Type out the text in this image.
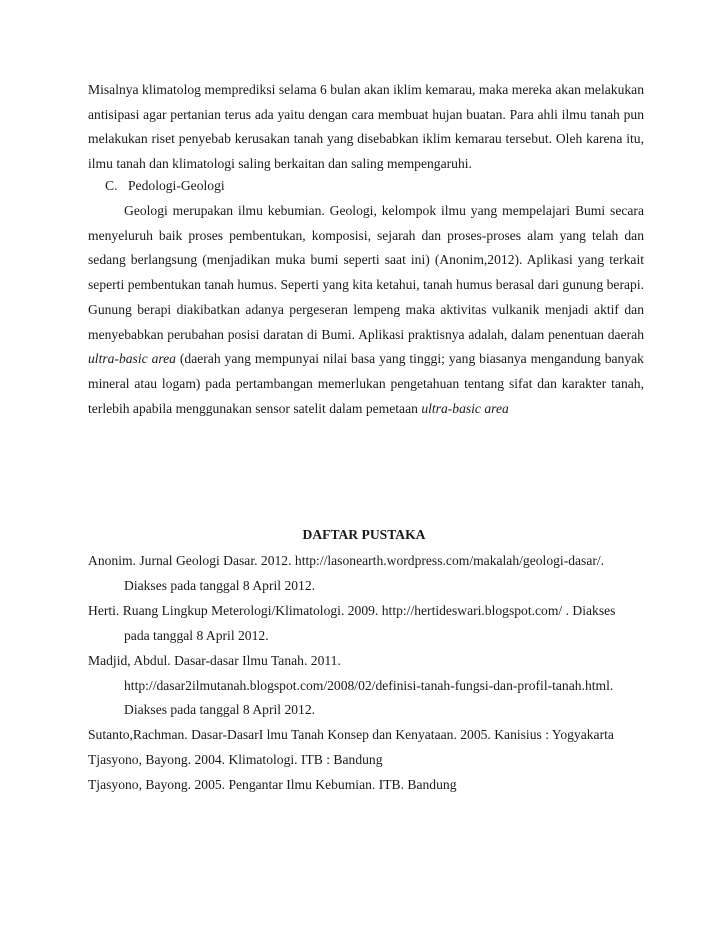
Misalnya klimatolog memprediksi selama 6 bulan akan iklim kemarau, maka mereka akan melakukan antisipasi agar pertanian terus ada yaitu dengan cara membuat hujan buatan. Para ahli ilmu tanah pun melakukan riset penyebab kerusakan tanah yang disebabkan iklim kemarau tersebut. Oleh karena itu, ilmu tanah dan klimatologi saling berkaitan dan saling mempengaruhi.

C. Pedologi-Geologi

Geologi merupakan ilmu kebumian. Geologi, kelompok ilmu yang mempelajari Bumi secara menyeluruh baik proses pembentukan, komposisi, sejarah dan proses-proses alam yang telah dan sedang berlangsung (menjadikan muka bumi seperti saat ini) (Anonim,2012). Aplikasi yang terkait seperti pembentukan tanah humus. Seperti yang kita ketahui, tanah humus berasal dari gunung berapi. Gunung berapi diakibatkan adanya pergeseran lempeng maka aktivitas vulkanik menjadi aktif dan menyebabkan perubahan posisi daratan di Bumi. Aplikasi praktisnya adalah, dalam penentuan daerah ultra-basic area (daerah yang mempunyai nilai basa yang tinggi; yang biasanya mengandung banyak mineral atau logam) pada pertambangan memerlukan pengetahuan tentang sifat dan karakter tanah, terlebih apabila menggunakan sensor satelit dalam pemetaan ultra-basic area

DAFTAR PUSTAKA
Anonim. Jurnal Geologi Dasar. 2012. http://lasonearth.wordpress.com/makalah/geologi-dasar/.
Diakses pada tanggal 8 April 2012.
Herti. Ruang Lingkup Meterologi/Klimatologi. 2009. http://hertideswari.blogspot.com/ . Diakses
pada tanggal 8 April 2012.
Madjid, Abdul. Dasar-dasar Ilmu Tanah. 2011.
http://dasar2ilmutanah.blogspot.com/2008/02/definisi-tanah-fungsi-dan-profil-tanah.html.
Diakses pada tanggal 8 April 2012.
Sutanto,Rachman. Dasar-DasarI lmu Tanah Konsep dan Kenyataan. 2005. Kanisius : Yogyakarta
Tjasyono, Bayong. 2004. Klimatologi. ITB : Bandung
Tjasyono, Bayong. 2005. Pengantar Ilmu Kebumian. ITB. Bandung
